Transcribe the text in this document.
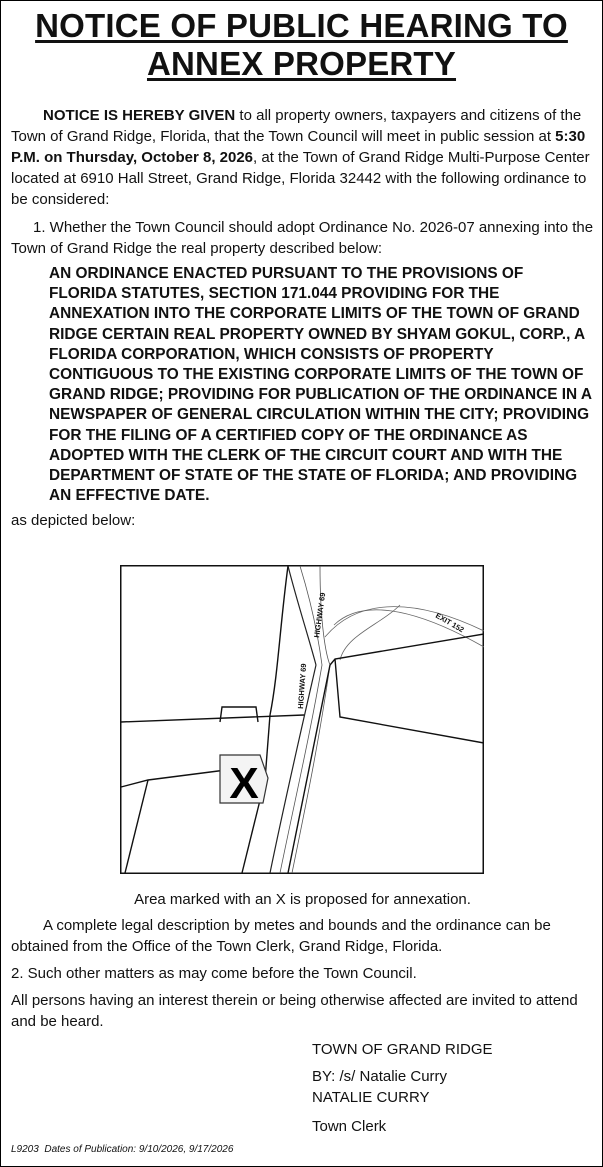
NOTICE OF PUBLIC HEARING TO
ANNEX PROPERTY

NOTICE IS HEREBY GIVEN to all property owners, taxpayers and citizens of the Town of Grand Ridge, Florida, that the Town Council will meet in public session at 5:30 P.M. on Thursday, October 8, 2026, at the Town of Grand Ridge Multi-Purpose Center located at 6910 Hall Street, Grand Ridge, Florida 32442 with the following ordinance to be considered:

1. Whether the Town Council should adopt Ordinance No. 2026-07 annexing into the Town of Grand Ridge the real property described below:

AN ORDINANCE ENACTED PURSUANT TO THE PROVISIONS OF FLORIDA STATUTES, SECTION 171.044 PROVIDING FOR THE ANNEXATION INTO THE CORPORATE LIMITS OF THE TOWN OF GRAND RIDGE CERTAIN REAL PROPERTY OWNED BY SHYAM GOKUL, CORP., A FLORIDA CORPORATION, WHICH CONSISTS OF PROPERTY CONTIGUOUS TO THE EXISTING CORPORATE LIMITS OF THE TOWN OF GRAND RIDGE; PROVIDING FOR PUBLICATION OF THE ORDINANCE IN A NEWSPAPER OF GENERAL CIRCULATION WITHIN THE CITY; PROVIDING FOR THE FILING OF A CERTIFIED COPY OF THE ORDINANCE AS ADOPTED WITH THE CLERK OF THE CIRCUIT COURT AND WITH THE DEPARTMENT OF STATE OF THE STATE OF FLORIDA; AND PROVIDING AN EFFECTIVE DATE.

as depicted below:

X
HIGHWAY 69
HIGHWAY 69
EXIT 152

Area marked with an X is proposed for annexation.

A complete legal description by metes and bounds and the ordinance can be obtained from the Office of the Town Clerk, Grand Ridge, Florida.

2. Such other matters as may come before the Town Council.

All persons having an interest therein or being otherwise affected are invited to attend and be heard.

TOWN OF GRAND RIDGE

BY: /s/ Natalie Curry

NATALIE CURRY

Town Clerk

L9203  Dates of Publication: 9/10/2026, 9/17/2026
